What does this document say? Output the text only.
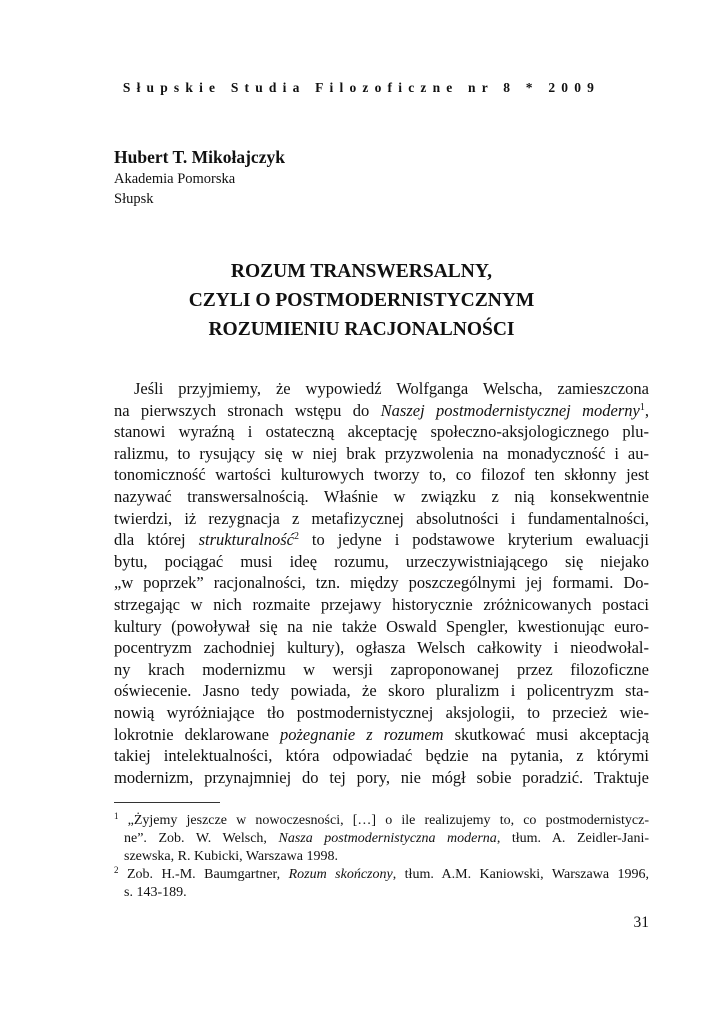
Słupskie Studia Filozoficzne nr 8 * 2009
Hubert T. Mikołajczyk
Akademia Pomorska
Słupsk
ROZUM TRANSWERSALNY,
CZYLI O POSTMODERNISTYCZNYM
ROZUMIENIU RACJONALNOŚCI
Jeśli przyjmiemy, że wypowiedź Wolfganga Welscha, zamieszczona
na pierwszych stronach wstępu do Naszej postmodernistycznej moderny$^1$,
stanowi wyraźną i ostateczną akceptację społeczno-aksjologicznego plu-
ralizmu, to rysujący się w niej brak przyzwolenia na monadyczność i au-
tonomiczność wartości kulturowych tworzy to, co filozof ten skłonny jest
nazywać transwersalnością. Właśnie w związku z nią konsekwentnie
twierdzi, iż rezygnacja z metafizycznej absolutności i fundamentalności,
dla której strukturalność$^2$ to jedyne i podstawowe kryterium ewaluacji
bytu, pociągać musi ideę rozumu, urzeczywistniającego się niejako
„w poprzek” racjonalności, tzn. między poszczególnymi jej formami. Do-
strzegając w nich rozmaite przejawy historycznie zróżnicowanych postaci
kultury (powoływał się na nie także Oswald Spengler, kwestionując euro-
pocentryzm zachodniej kultury), ogłasza Welsch całkowity i nieodwołal-
ny krach modernizmu w wersji zaproponowanej przez filozoficzne
oświecenie. Jasno tedy powiada, że skoro pluralizm i policentryzm sta-
nowią wyróżniające tło postmodernistycznej aksjologii, to przecież wie-
lokrotnie deklarowane pożegnanie z rozumem skutkować musi akceptacją
takiej intelektualności, która odpowiadać będzie na pytania, z którymi
modernizm, przynajmniej do tej pory, nie mógł sobie poradzić. Traktuje
$^1$ „Żyjemy jeszcze w nowoczesności, […] o ile realizujemy to, co postmodernistycz-
ne”. Zob. W. Welsch, Nasza postmodernistyczna moderna, tłum. A. Zeidler-Jani-
szewska, R. Kubicki, Warszawa 1998.
$^2$ Zob. H.-M. Baumgartner, Rozum skończony, tłum. A.M. Kaniowski, Warszawa 1996,
s. 143-189.
31
